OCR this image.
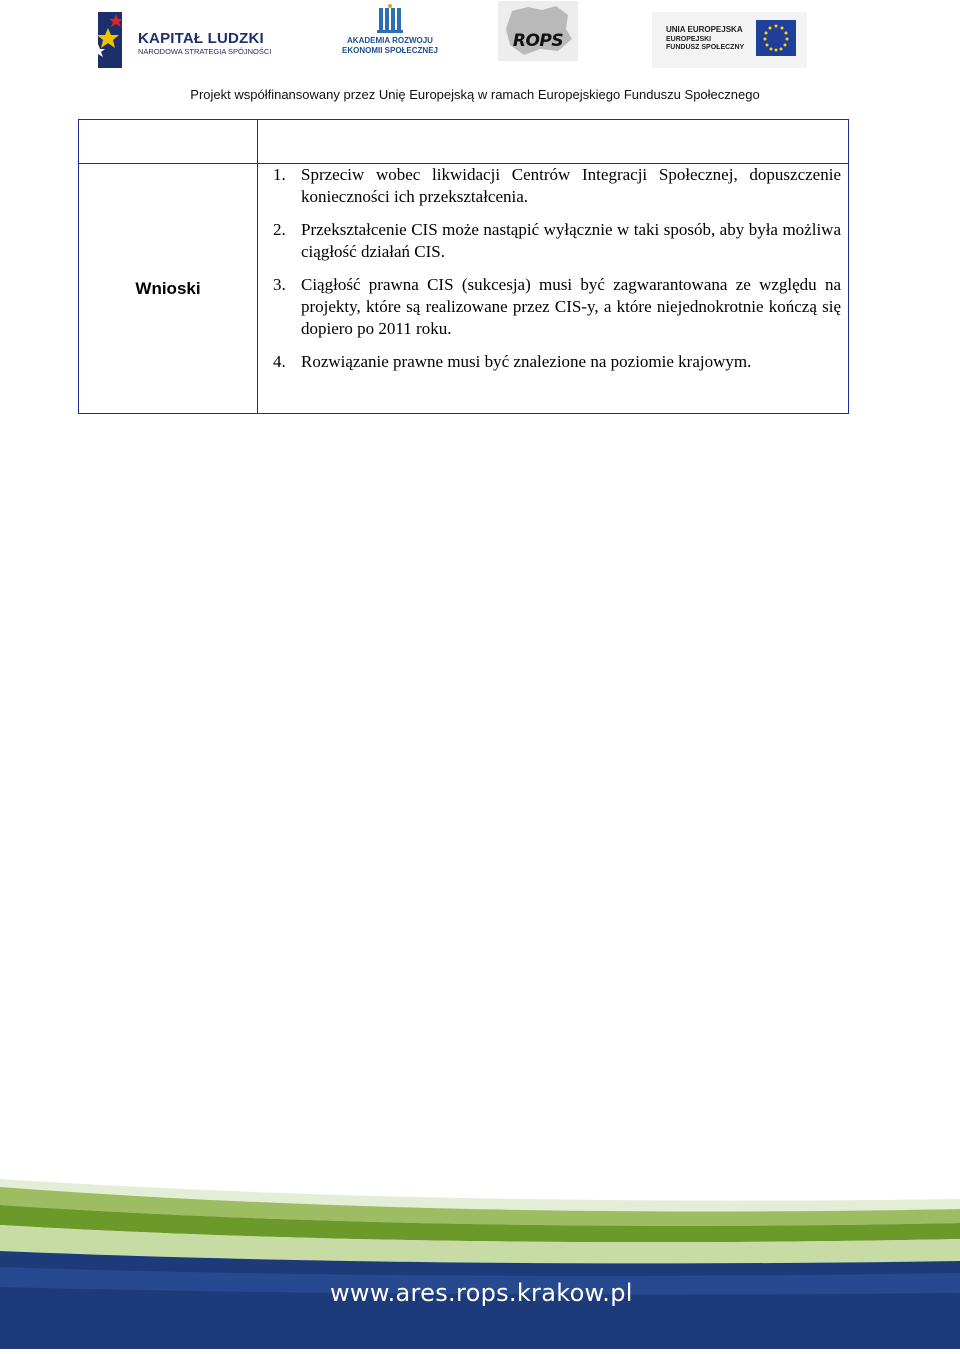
KAPITAŁ LUDZKI
NARODOWA STRATEGIA SPÓJNOŚCI
AKADEMIA ROZWOJU
EKONOMII SPOŁECZNEJ	ROPS
UNIA EUROPEJSKA
EUROPEJSKI
FUNDUSZ SPOŁECZNY
Projekt współfinansowany przez Unię Europejską w ramach Europejskiego Funduszu Społecznego
Wnioski
1. Sprzeciw wobec likwidacji Centrów Integracji Społecznej, dopuszczenie konieczności ich przekształcenia.
2. Przekształcenie CIS może nastąpić wyłącznie w taki sposób, aby była możliwa ciągłość działań CIS.
3. Ciągłość prawna CIS (sukcesja) musi być zagwarantowana ze względu na projekty, które są realizowane przez CIS-y, a które niejednokrotnie kończą się dopiero po 2011 roku.
4. Rozwiązanie prawne musi być znalezione na poziomie krajowym.
www.ares.rops.krakow.pl
